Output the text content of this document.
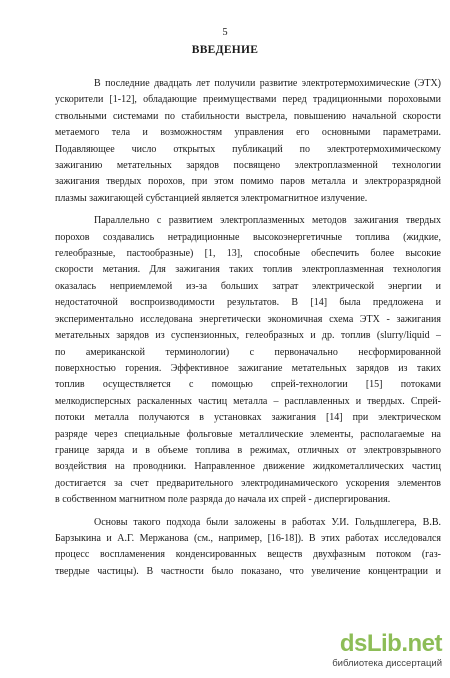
5
ВВЕДЕНИЕ

В последние двадцать лет получили развитие электротермохимические (ЭТХ)
ускорители [1-12], обладающие преимуществами перед традиционными пороховыми
ствольными системами по стабильности выстрела, повышению начальной скорости
метаемого тела и возможностям управления его основными параметрами.
Подавляющее число открытых публикаций по электротермохимическому
зажиганию метательных зарядов посвящено электроплазменной технологии
зажигания твердых порохов, при этом помимо паров металла и электроразрядной
плазмы зажигающей субстанцией является электромагнитное излучение.

Параллельно с развитием электроплазменных методов зажигания твердых
порохов создавались нетрадиционные высокоэнергетичные топлива (жидкие,
гелеобразные, пастообразные) [1, 13], способные обеспечить более высокие
скорости метания. Для зажигания таких топлив электроплазменная технология
оказалась неприемлемой из-за больших затрат электрической энергии и
недостаточной воспроизводимости результатов. В [14] была предложена и
экспериментально исследована энергетически экономичная схема ЭТХ - зажигания
метательных зарядов из суспензионных, гелеобразных и др. топлив (slurry/liquid –
по американской терминологии) с первоначально несформированной
поверхностью горения. Эффективное зажигание метательных зарядов из таких
топлив осуществляется с помощью спрей-технологии [15] потоками
мелкодисперсных раскаленных частиц металла – расплавленных и твердых. Спрей-
потоки металла получаются в установках зажигания [14] при электрическом
разряде через специальные фольговые металлические элементы, располагаемые на
границе заряда и в объеме топлива в режимах, отличных от электровзрывного
воздействия на проводники. Направленное движение жидкометаллических частиц
достигается за счет предварительного электродинамического ускорения элементов
в собственном магнитном поле разряда до начала их спрей - диспергирования.

Основы такого подхода были заложены в работах У.И. Гольдшлегера, В.В.
Барзыкина и А.Г. Мержанова (см., например, [16-18]). В этих работах исследовался
процесс воспламенения конденсированных веществ двухфазным потоком (газ-
твердые частицы). В частности было показано, что увеличение концентрации и

dsLib.net
библиотека диссертаций
